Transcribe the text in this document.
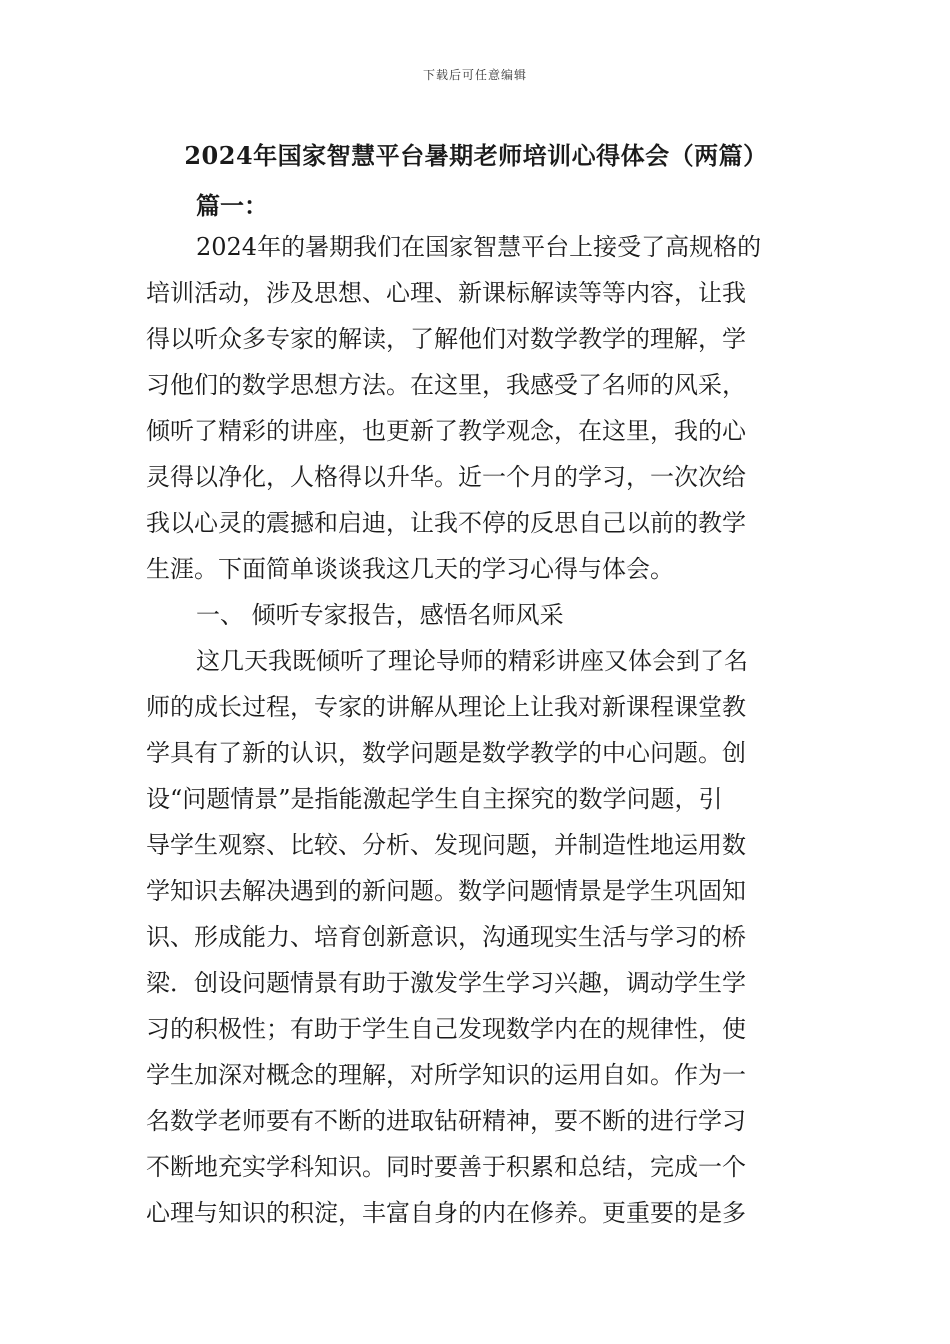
下载后可任意编辑
2024年国家智慧平台暑期老师培训心得体会（两篇）
篇一：
2024年的暑期我们在国家智慧平台上接受了高规格的
培训活动，涉及思想、心理、新课标解读等等内容，让我
得以听众多专家的解读，了解他们对数学教学的理解，学
习他们的数学思想方法。在这里，我感受了名师的风采，
倾听了精彩的讲座，也更新了教学观念，在这里，我的心
灵得以净化，人格得以升华。近一个月的学习，一次次给
我以心灵的震撼和启迪，让我不停的反思自己以前的教学
生涯。下面简单谈谈我这几天的学习心得与体会。
一、 倾听专家报告，感悟名师风采
这几天我既倾听了理论导师的精彩讲座又体会到了名
师的成长过程，专家的讲解从理论上让我对新课程课堂教
学具有了新的认识，数学问题是数学教学的中心问题。创
设“问题情景”是指能激起学生自主探究的数学问题，引
导学生观察、比较、分析、发现问题，并制造性地运用数
学知识去解决遇到的新问题。数学问题情景是学生巩固知
识、形成能力、培育创新意识，沟通现实生活与学习的桥
梁．创设问题情景有助于激发学生学习兴趣，调动学生学
习的积极性；有助于学生自己发现数学内在的规律性，使
学生加深对概念的理解，对所学知识的运用自如。作为一
名数学老师要有不断的进取钻研精神，要不断的进行学习
不断地充实学科知识。同时要善于积累和总结，完成一个
心理与知识的积淀，丰富自身的内在修养。更重要的是多
